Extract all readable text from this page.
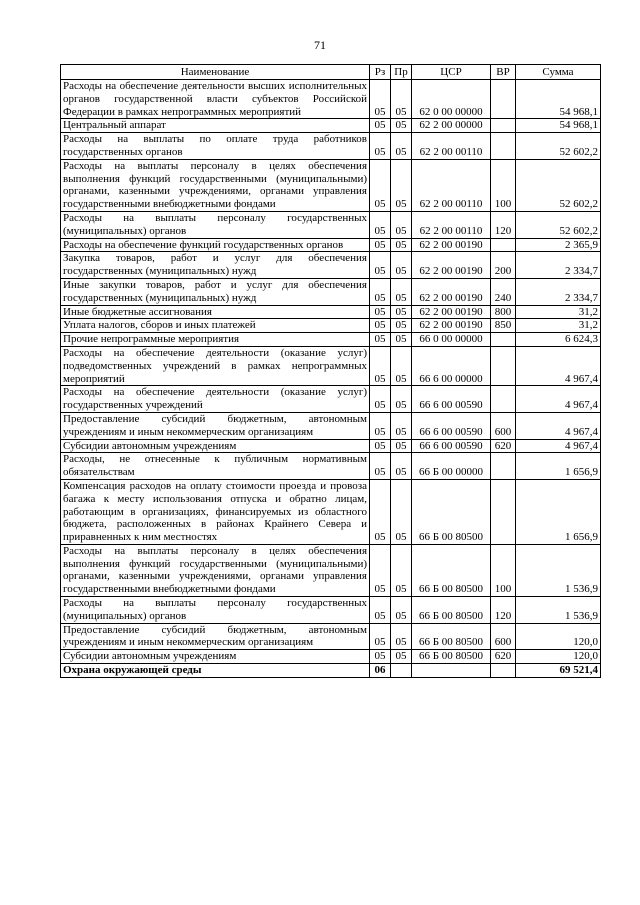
71
Наименование	Рз	Пр	ЦСР	ВР	Сумма
Расходы на обеспечение деятельности высших исполнительных органов государственной власти субъектов Российской Федерации в рамках непрограммных мероприятий	05	05	62 0 00 00000		54 968,1
Центральный аппарат	05	05	62 2 00 00000		54 968,1
Расходы на выплаты по оплате труда работников государственных органов	05	05	62 2 00 00110		52 602,2
Расходы на выплаты персоналу в целях обеспечения выполнения функций государственными (муниципальными) органами, казенными учреждениями, органами управления государственными внебюджетными фондами	05	05	62 2 00 00110	100	52 602,2
Расходы на выплаты персоналу государственных (муниципальных) органов	05	05	62 2 00 00110	120	52 602,2
Расходы на обеспечение функций государственных органов	05	05	62 2 00 00190		2 365,9
Закупка товаров, работ и услуг для обеспечения государственных (муниципальных) нужд	05	05	62 2 00 00190	200	2 334,7
Иные закупки товаров, работ и услуг для обеспечения государственных (муниципальных) нужд	05	05	62 2 00 00190	240	2 334,7
Иные бюджетные ассигнования	05	05	62 2 00 00190	800	31,2
Уплата налогов, сборов и иных платежей	05	05	62 2 00 00190	850	31,2
Прочие непрограммные мероприятия	05	05	66 0 00 00000		6 624,3
Расходы на обеспечение деятельности (оказание услуг) подведомственных учреждений в рамках непрограммных мероприятий	05	05	66 6 00 00000		4 967,4
Расходы на обеспечение деятельности (оказание услуг) государственных учреждений	05	05	66 6 00 00590		4 967,4
Предоставление субсидий бюджетным, автономным учреждениям и иным некоммерческим организациям	05	05	66 6 00 00590	600	4 967,4
Субсидии автономным учреждениям	05	05	66 6 00 00590	620	4 967,4
Расходы, не отнесенные к публичным нормативным обязательствам	05	05	66 Б 00 00000		1 656,9
Компенсация расходов на оплату стоимости проезда и провоза багажа к месту использования отпуска и обратно лицам, работающим в организациях, финансируемых из областного бюджета, расположенных в районах Крайнего Севера и приравненных к ним местностях	05	05	66 Б 00 80500		1 656,9
Расходы на выплаты персоналу в целях обеспечения выполнения функций государственными (муниципальными) органами, казенными учреждениями, органами управления государственными внебюджетными фондами	05	05	66 Б 00 80500	100	1 536,9
Расходы на выплаты персоналу государственных (муниципальных) органов	05	05	66 Б 00 80500	120	1 536,9
Предоставление субсидий бюджетным, автономным учреждениям и иным некоммерческим организациям	05	05	66 Б 00 80500	600	120,0
Субсидии автономным учреждениям	05	05	66 Б 00 80500	620	120,0
Охрана окружающей среды	06				69 521,4
